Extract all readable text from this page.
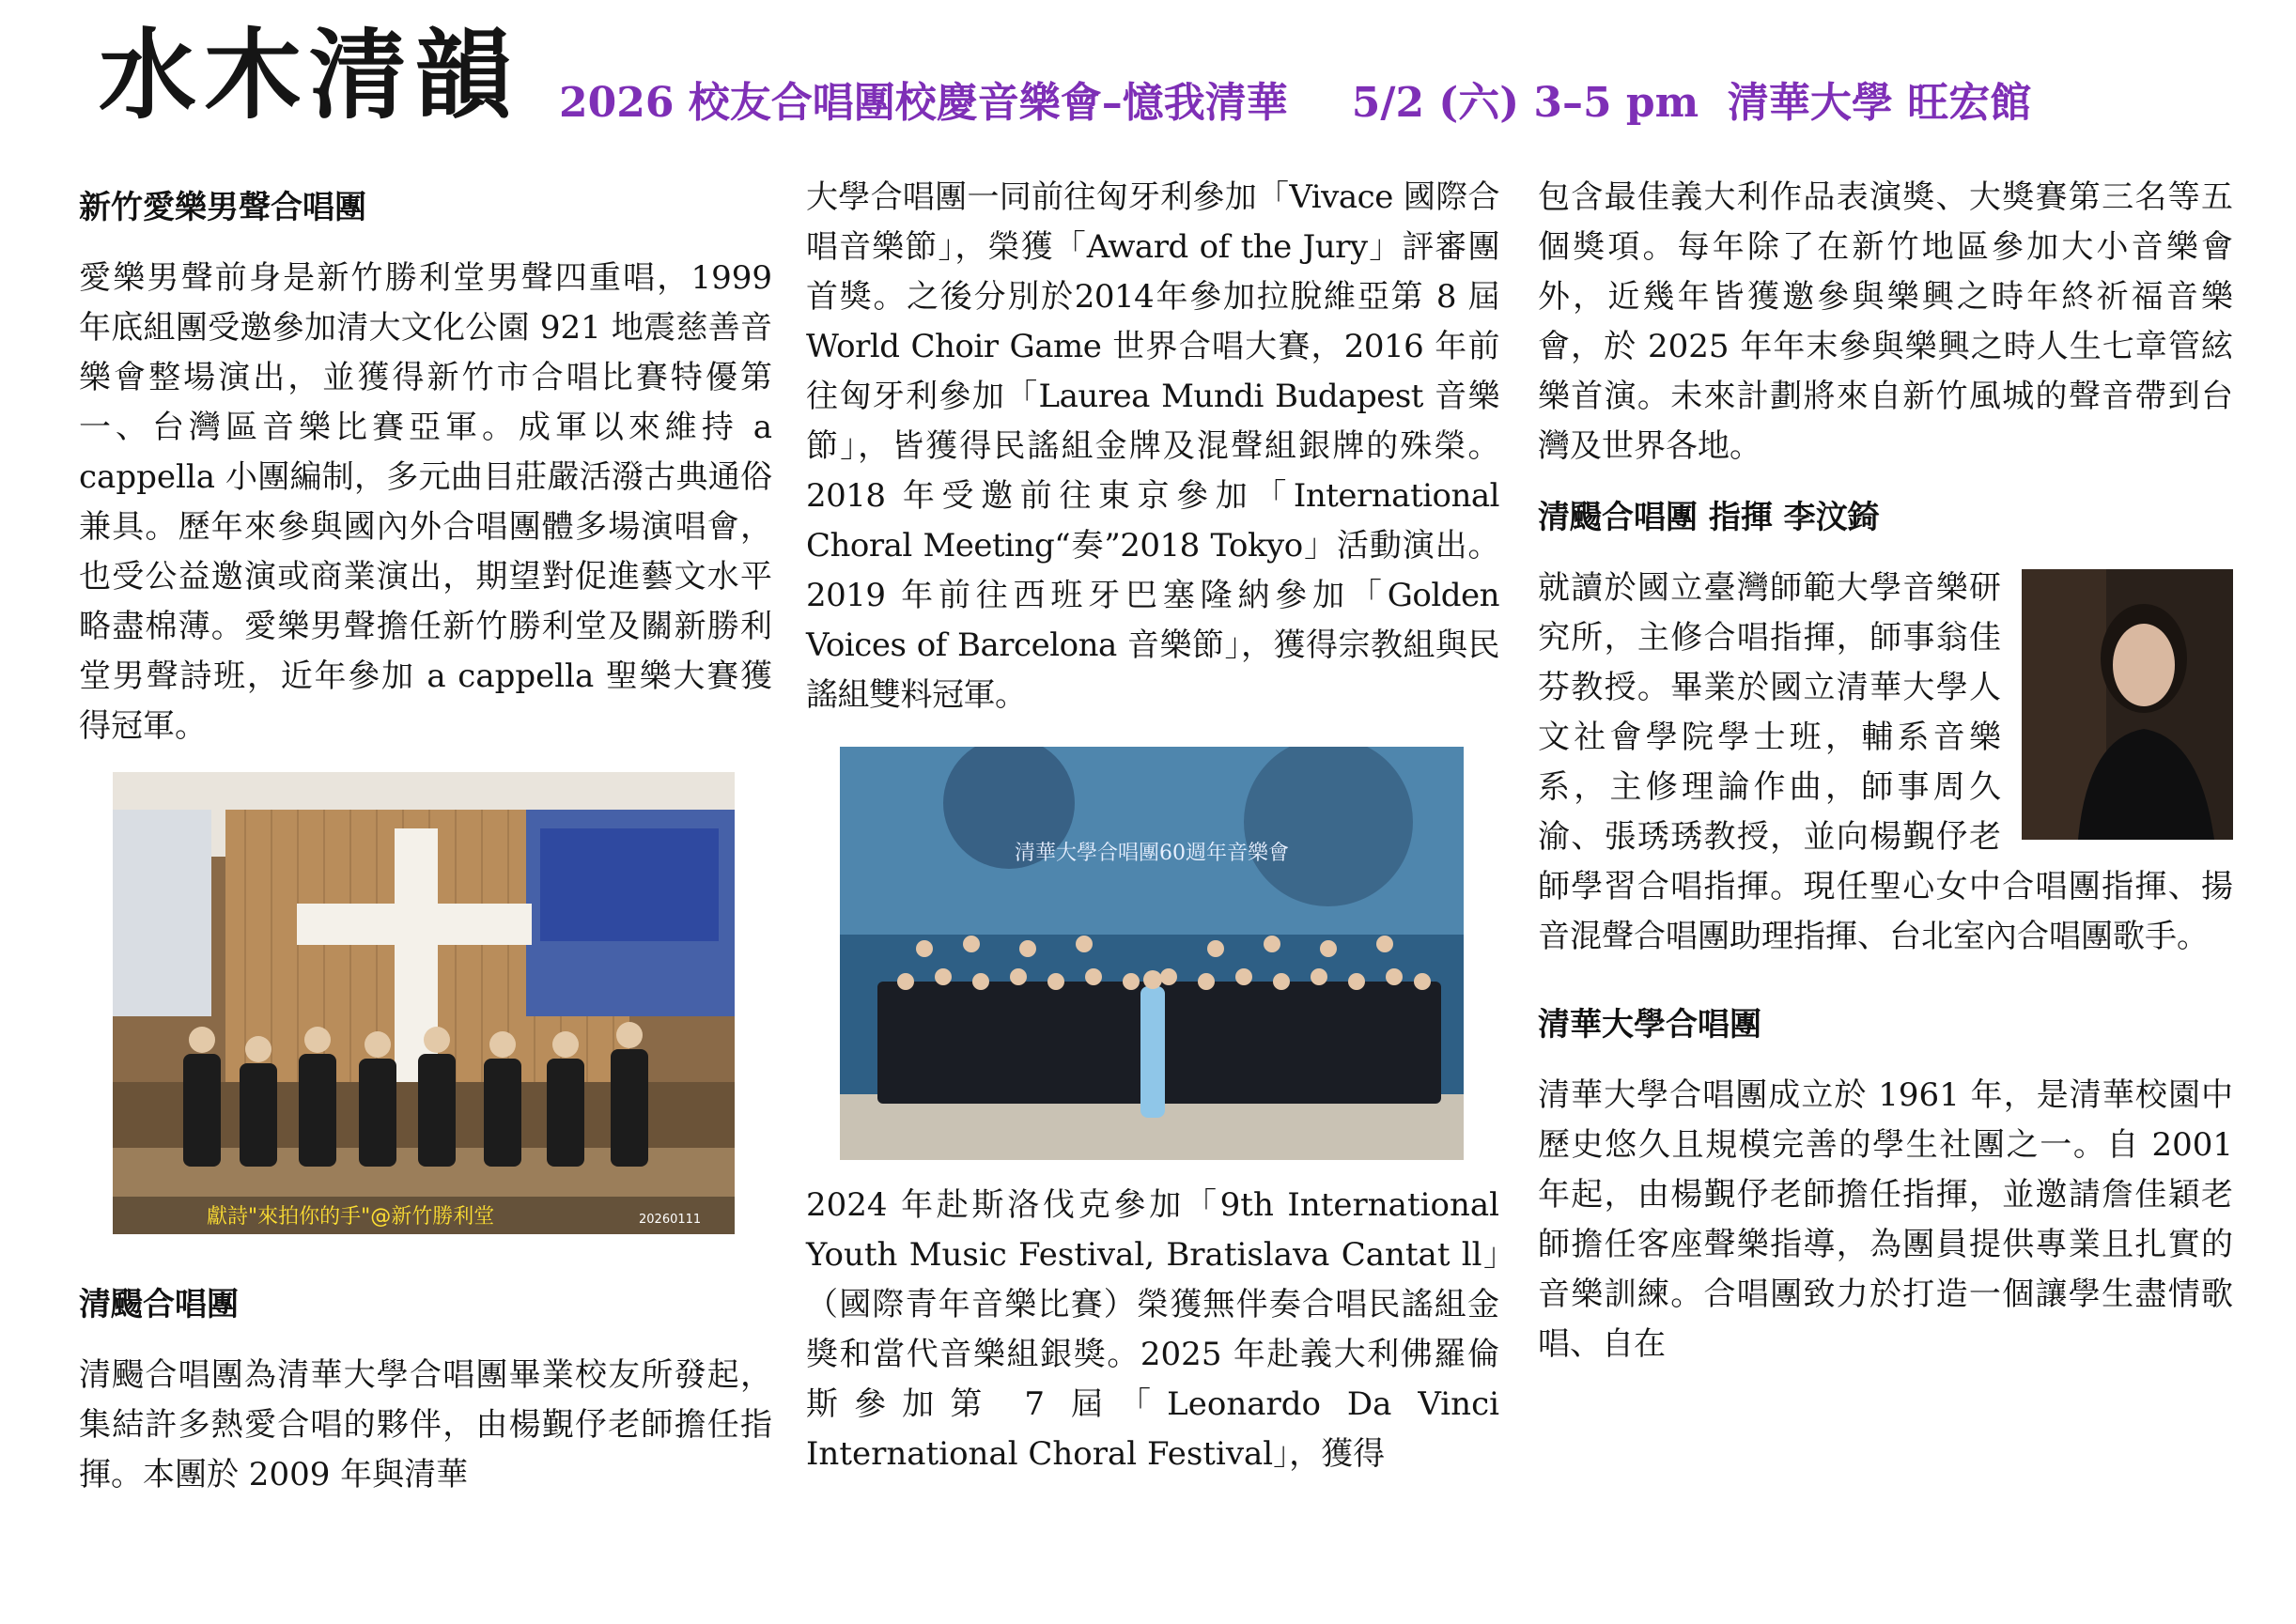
水木清韻 2026 校友合唱團校慶音樂會–憶我清華 5/2 (六) 3–5 pm 清華大學 旺宏館
新竹愛樂男聲合唱團

愛樂男聲前身是新竹勝利堂男聲四重唱，1999 年底組團受邀參加清大文化公園 921 地震慈善音樂會整場演出，並獲得新竹市合唱比賽特優第一、台灣區音樂比賽亞軍。成軍以來維持 a cappella 小團編制，多元曲目莊嚴活潑古典通俗兼具。歷年來參與國內外合唱團體多場演唱會，也受公益邀演或商業演出，期望對促進藝文水平略盡棉薄。愛樂男聲擔任新竹勝利堂及關新勝利堂男聲詩班，近年參加 a cappella 聖樂大賽獲得冠軍。

獻詩"來拍你的手"@新竹勝利堂	20260111
清颺合唱團

清颺合唱團為清華大學合唱團畢業校友所發起，集結許多熱愛合唱的夥伴，由楊覲伃老師擔任指揮。本團於 2009 年與清華

大學合唱團一同前往匈牙利參加「Vivace 國際合唱音樂節」，榮獲「Award of the Jury」評審團首獎。之後分別於2014年參加拉脫維亞第 8 屆 World Choir Game 世界合唱大賽，2016 年前往匈牙利參加「Laurea Mundi Budapest 音樂節」，皆獲得民謠組金牌及混聲組銀牌的殊榮。2018 年受邀前往東京參加「International Choral Meeting“奏”2018 Tokyo」活動演出。2019 年前往西班牙巴塞隆納參加「Golden Voices of Barcelona 音樂節」，獲得宗教組與民謠組雙料冠軍。

清華大學合唱團60週年音樂會

2024 年赴斯洛伐克參加「9th International Youth Music Festival, Bratislava Cantat ll」（國際青年音樂比賽）榮獲無伴奏合唱民謠組金獎和當代音樂組銀獎。2025 年赴義大利佛羅倫斯參加第 7 屆「Leonardo Da Vinci International Choral Festival」，獲得

包含最佳義大利作品表演獎、大獎賽第三名等五個獎項。每年除了在新竹地區參加大小音樂會外，近幾年皆獲邀參與樂興之時年終祈福音樂會，於 2025 年年末參與樂興之時人生七章管絃樂首演。未來計劃將來自新竹風城的聲音帶到台灣及世界各地。

清颺合唱團 指揮 李汶錡

就讀於國立臺灣師範大學音樂研究所，主修合唱指揮，師事翁佳芬教授。畢業於國立清華大學人文社會學院學士班，輔系音樂系，主修理論作曲，師事周久渝、張琇琇教授，並向楊覲伃老師學習合唱指揮。現任聖心女中合唱團指揮、揚音混聲合唱團助理指揮、台北室內合唱團歌手。

清華大學合唱團

清華大學合唱團成立於 1961 年，是清華校園中歷史悠久且規模完善的學生社團之一。自 2001 年起，由楊覲伃老師擔任指揮，並邀請詹佳穎老師擔任客座聲樂指導，為團員提供專業且扎實的音樂訓練。合唱團致力於打造一個讓學生盡情歌唱、自在
